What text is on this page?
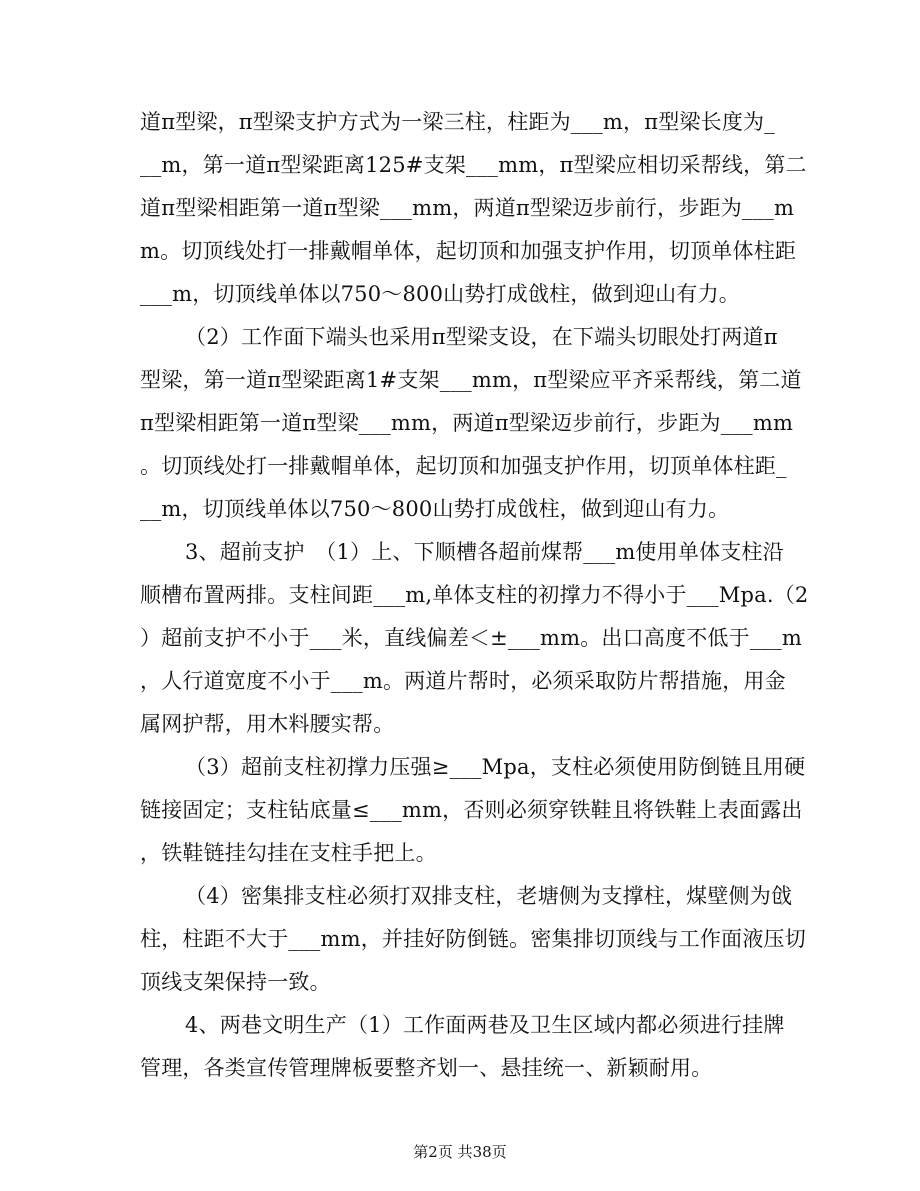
道π型梁，π型梁支护方式为一梁三柱，柱距为___m，π型梁长度为_
__m，第一道π型梁距离125#支架___mm，π型梁应相切采帮线，第二
道π型梁相距第一道π型梁___mm，两道π型梁迈步前行，步距为___m
m。切顶线处打一排戴帽单体，起切顶和加强支护作用，切顶单体柱距
___m，切顶线单体以750～800山势打成戗柱，做到迎山有力。
（2）工作面下端头也采用π型梁支设，在下端头切眼处打两道π
型梁，第一道π型梁距离1#支架___mm，π型梁应平齐采帮线，第二道
π型梁相距第一道π型梁___mm，两道π型梁迈步前行，步距为___mm
。切顶线处打一排戴帽单体，起切顶和加强支护作用，切顶单体柱距_
__m，切顶线单体以750～800山势打成戗柱，做到迎山有力。
3、超前支护　（1）上、下顺槽各超前煤帮___m使用单体支柱沿
顺槽布置两排。支柱间距___m,单体支柱的初撑力不得小于___Mpa.（2
）超前支护不小于___米，直线偏差＜±___mm。出口高度不低于___m
，人行道宽度不小于___m。两道片帮时，必须采取防片帮措施，用金
属网护帮，用木料腰实帮。
（3）超前支柱初撑力压强≥___Mpa，支柱必须使用防倒链且用硬
链接固定；支柱钻底量≤___mm，否则必须穿铁鞋且将铁鞋上表面露出
，铁鞋链挂勾挂在支柱手把上。
（4）密集排支柱必须打双排支柱，老塘侧为支撑柱，煤壁侧为戗
柱，柱距不大于___mm，并挂好防倒链。密集排切顶线与工作面液压切
顶线支架保持一致。
4、两巷文明生产（1）工作面两巷及卫生区域内都必须进行挂牌
管理，各类宣传管理牌板要整齐划一、悬挂统一、新颖耐用。
第2页 共38页
